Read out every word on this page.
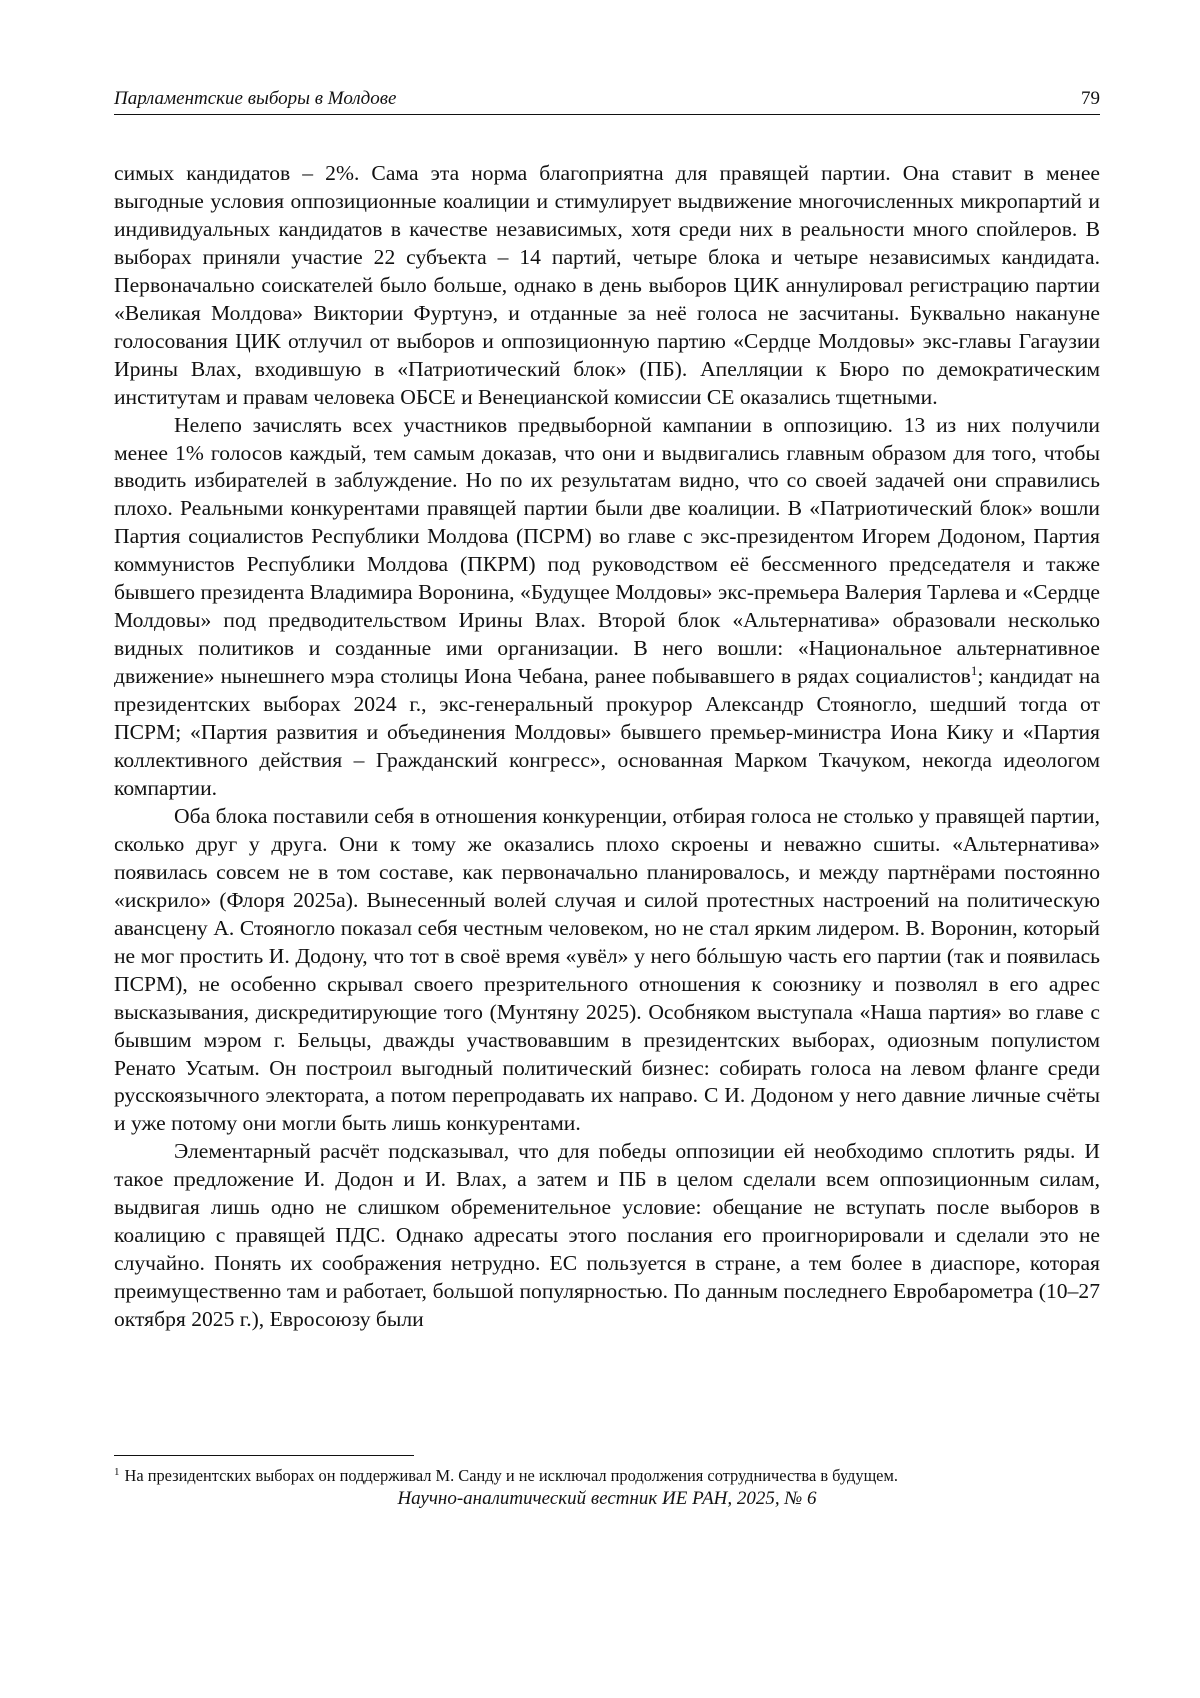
Парламентские выборы в Молдове	79

симых кандидатов – 2%. Сама эта норма благоприятна для правящей партии. Она ставит в менее выгодные условия оппозиционные коалиции и стимулирует выдвижение многочисленных микропартий и индивидуальных кандидатов в качестве независимых, хотя среди них в реальности много спойлеров. В выборах приняли участие 22 субъекта – 14 партий, четыре блока и четыре независимых кандидата. Первоначально соискателей было больше, однако в день выборов ЦИК аннулировал регистрацию партии «Великая Молдова» Виктории Фуртунэ, и отданные за неё голоса не засчитаны. Буквально накануне голосования ЦИК отлучил от выборов и оппозиционную партию «Сердце Молдовы» экс-главы Гагаузии Ирины Влах, входившую в «Патриотический блок» (ПБ). Апелляции к Бюро по демократическим институтам и правам человека ОБСЕ и Венецианской комиссии СЕ оказались тщетными.

Нелепо зачислять всех участников предвыборной кампании в оппозицию. 13 из них получили менее 1% голосов каждый, тем самым доказав, что они и выдвигались главным образом для того, чтобы вводить избирателей в заблуждение. Но по их результатам видно, что со своей задачей они справились плохо. Реальными конкурентами правящей партии были две коалиции. В «Патриотический блок» вошли Партия социалистов Республики Молдова (ПСРМ) во главе с экс-президентом Игорем Додоном, Партия коммунистов Республики Молдова (ПКРМ) под руководством её бессменного председателя и также бывшего президента Владимира Воронина, «Будущее Молдовы» экс-премьера Валерия Тарлева и «Сердце Молдовы» под предводительством Ирины Влах. Второй блок «Альтернатива» образовали несколько видных политиков и созданные ими организации. В него вошли: «Национальное альтернативное движение» нынешнего мэра столицы Иона Чебана, ранее побывавшего в рядах социалистов$^1$; кандидат на президентских выборах 2024 г., экс-генеральный прокурор Александр Стояногло, шедший тогда от ПСРМ; «Партия развития и объединения Молдовы» бывшего премьер-министра Иона Кику и «Партия коллективного действия – Гражданский конгресс», основанная Марком Ткачуком, некогда идеологом компартии.

Оба блока поставили себя в отношения конкуренции, отбирая голоса не столько у правящей партии, сколько друг у друга. Они к тому же оказались плохо скроены и неважно сшиты. «Альтернатива» появилась совсем не в том составе, как первоначально планировалось, и между партнёрами постоянно «искрило» (Флоря 2025а). Вынесенный волей случая и силой протестных настроений на политическую авансцену А. Стояногло показал себя честным человеком, но не стал ярким лидером. В. Воронин, который не мог простить И. Додону, что тот в своё время «увёл» у него бóльшую часть его партии (так и появилась ПСРМ), не особенно скрывал своего презрительного отношения к союзнику и позволял в его адрес высказывания, дискредитирующие того (Мунтяну 2025). Особняком выступала «Наша партия» во главе с бывшим мэром г. Бельцы, дважды участвовавшим в президентских выборах, одиозным популистом Ренато Усатым. Он построил выгодный политический бизнес: собирать голоса на левом фланге среди русскоязычного электората, а потом перепродавать их направо. С И. Додоном у него давние личные счёты и уже потому они могли быть лишь конкурентами.

Элементарный расчёт подсказывал, что для победы оппозиции ей необходимо сплотить ряды. И такое предложение И. Додон и И. Влах, а затем и ПБ в целом сделали всем оппозиционным силам, выдвигая лишь одно не слишком обременительное условие: обещание не вступать после выборов в коалицию с правящей ПДС. Однако адресаты этого послания его проигнорировали и сделали это не случайно. Понять их соображения нетрудно. ЕС пользуется в стране, а тем более в диаспоре, которая преимущественно там и работает, большой популярностью. По данным последнего Евробарометра (10–27 октября 2025 г.), Евросоюзу были

$^1$ На президентских выборах он поддерживал М. Санду и не исключал продолжения сотрудничества в будущем.
Научно-аналитический вестник ИЕ РАН, 2025, № 6
